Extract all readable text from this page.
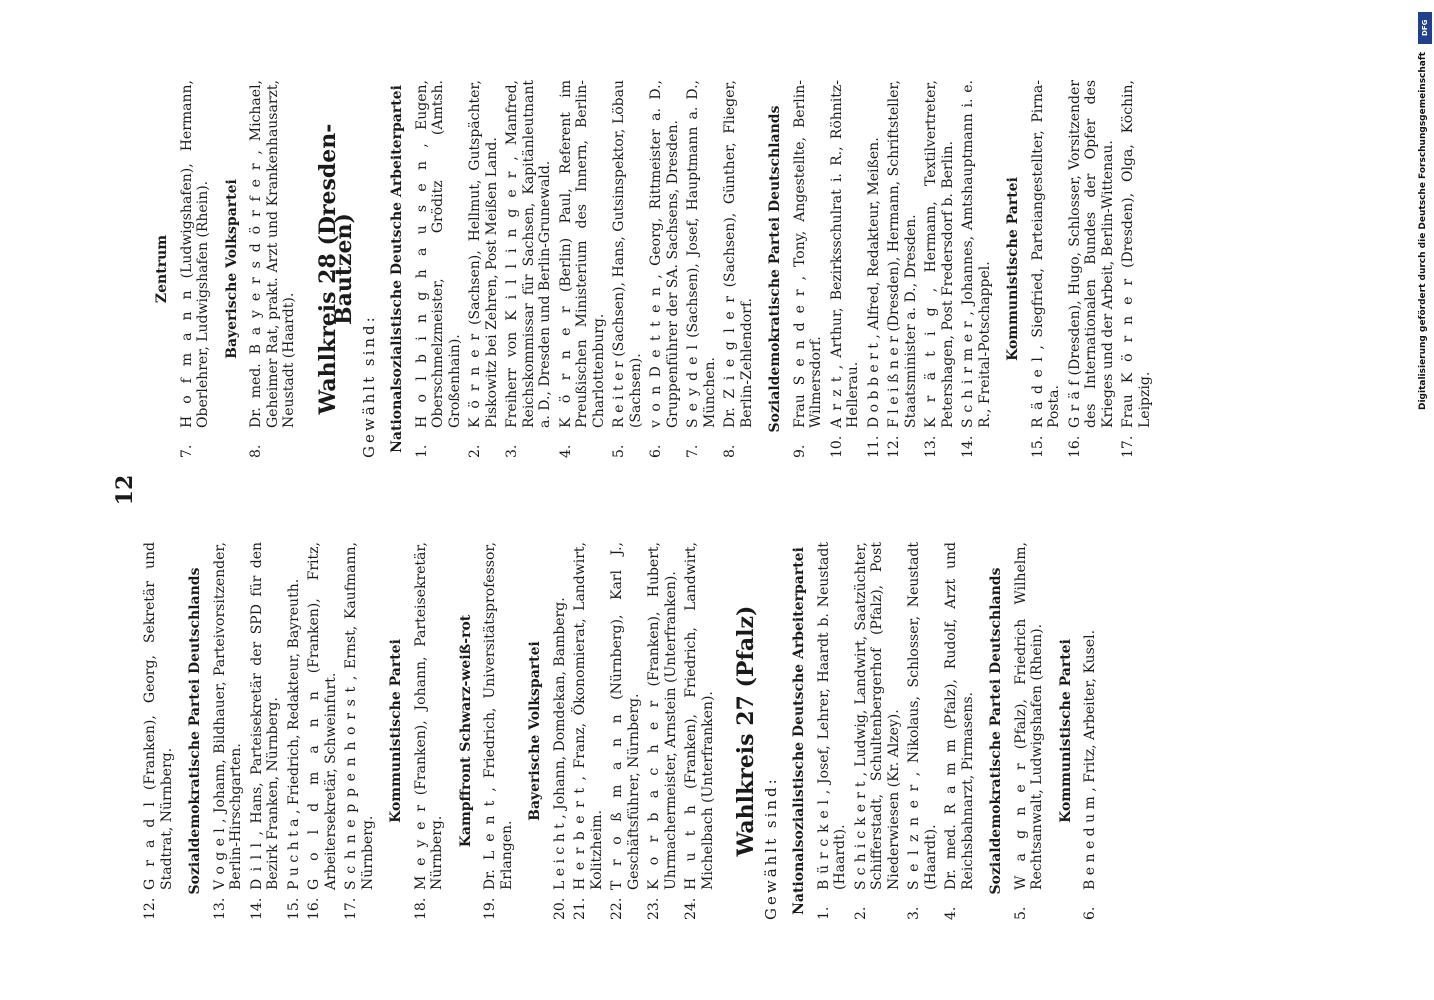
12
12.
G r a d l (Franken), Georg, Sekretär und Stadtrat, Nürnberg. Sozialdemokratische Partei Deutschlands
13.
V o g e l , Johann, Bildhauer, Parteivorsitzender, Berlin-Hirschgarten.
14.
D i l l , Hans, Parteisekretär der SPD für den Bezirk Franken, Nürnberg.
15.
P u c h t a , Friedrich, Redakteur, Bayreuth.
16.
G o l d m a n n (Franken), Fritz, Arbeitersekretär, Schweinfurt.
17.
S c h n e p p e n h o r s t , Ernst, Kaufmann, Nürnberg.
Kommunistische Partei
18.
M e y e r (Franken), Johann, Parteisekretär, Nürnberg.
Kampffront Schwarz-weiß-rot
19.
Dr. L e n t , Friedrich, Universitätsprofessor, Erlangen.
Bayerische Volkspartei
20.
L e i c h t , Johann, Domdekan, Bamberg.
21.
H e r b e r t , Franz, Ökonomierat, Landwirt, Kolitzheim.
22.
T r o ß m a n n (Nürnberg), Karl J., Geschäftsführer, Nürnberg.
23.
K o r b a c h e r (Franken), Hubert, Uhrmachermeister, Arnstein (Unterfranken).
24.
H u t h (Franken), Friedrich, Landwirt, Michelbach (Unterfranken). Wahlkreis 27 (Pfalz) Gewählt sind: Nationalsozialistische Deutsche Arbeiterpartei 1.
B ü r c k e l , Josef, Lehrer, Haardt b. Neustadt (Haardt).
2.
S c h i c k e r t , Ludwig, Landwirt, Saatzüchter, Schifferstadt, Schultenbergerhof (Pfalz), Post Niederwiesen (Kr. Alzey).
3.
S e l z n e r , Nikolaus, Schlosser, Neustadt (Haardt).
4.
Dr. med. R a m m (Pfalz), Rudolf, Arzt und Reichsbahnarzt, Pirmasens. Sozialdemokratische Partei Deutschlands
5.
W a g n e r (Pfalz), Friedrich Wilhelm, Rechtsanwalt, Ludwigshafen (Rhein). Kommunistische Partei
6.
B e n e d u m , Fritz, Arbeiter, Kusel.
Zentrum
7.
H o f m a n n (Ludwigshafen), Hermann, Oberlehrer, Ludwigshafen (Rhein). Bayerische Volkspartei
8.
Dr. med. B a y e r s d ö r f e r , Michael, Geheimer Rat, prakt. Arzt und Krankenhausarzt, Neustadt (Haardt). Wahlkreis 28 (Dresden-Bautzen)
Gewählt sind: Nationalsozialistische Deutsche Arbeiterpartei 1.
H o l b i n g h a u s e n , Eugen, Oberschmelzmeister, Gröditz (Amtsh. Großenhain).
2.
K ö r n e r (Sachsen), Hellmut, Gutspächter, Piskowitz bei Zehren, Post Meißen Land.
3.
Freiherr von K i l l i n g e r , Manfred, Reichskommissar für Sachsen, Kapitänleutnant a. D., Dresden und Berlin-Grunewald.
4.
K ö r n e r (Berlin) Paul, Referent im Preußischen Ministerium des Innern, Berlin-Charlottenburg.
5.
R e i t e r (Sachsen), Hans, Gutsinspektor, Löbau (Sachsen).
6.
v o n D e t t e n , Georg, Rittmeister a. D., Gruppenführer der SA. Sachsens, Dresden.
7.
S e y d e l (Sachsen), Josef, Hauptmann a. D., München.
8.
Dr. Z i e g l e r (Sachsen), Günther, Flieger, Berlin-Zehlendorf. Sozialdemokratische Partei Deutschlands
9.
Frau S e n d e r , Tony, Angestellte, Berlin-Wilmersdorf.
10.
A r z t , Arthur, Bezirksschulrat i. R., Röhnitz-Hellerau.
11.
D o b b e r t , Alfred, Redakteur, Meißen.
12.
F l e i ß n e r (Dresden), Hermann, Schriftsteller, Staatsminister a. D., Dresden.
13.
K r ä t i g , Hermann, Textilvertreter, Petershagen, Post Fredersdorf b. Berlin.
14.
S c h i r m e r , Johannes, Amtshauptmann i. e. R., Freital-Potschappel. Kommunistische Partei
15.
R ä d e l , Siegfried, Parteiangestellter, Pirna-Posta.
16.
G r ä f (Dresden), Hugo, Schlosser, Vorsitzender des Internationalen Bundes der Opfer des Krieges und der Arbeit, Berlin-Wittenau.
17.
Frau K ö r n e r (Dresden), Olga, Köchin, Leipzig.
DFG
Digitalisierung gefördert durch die Deutsche Forschungsgemeinschaft
